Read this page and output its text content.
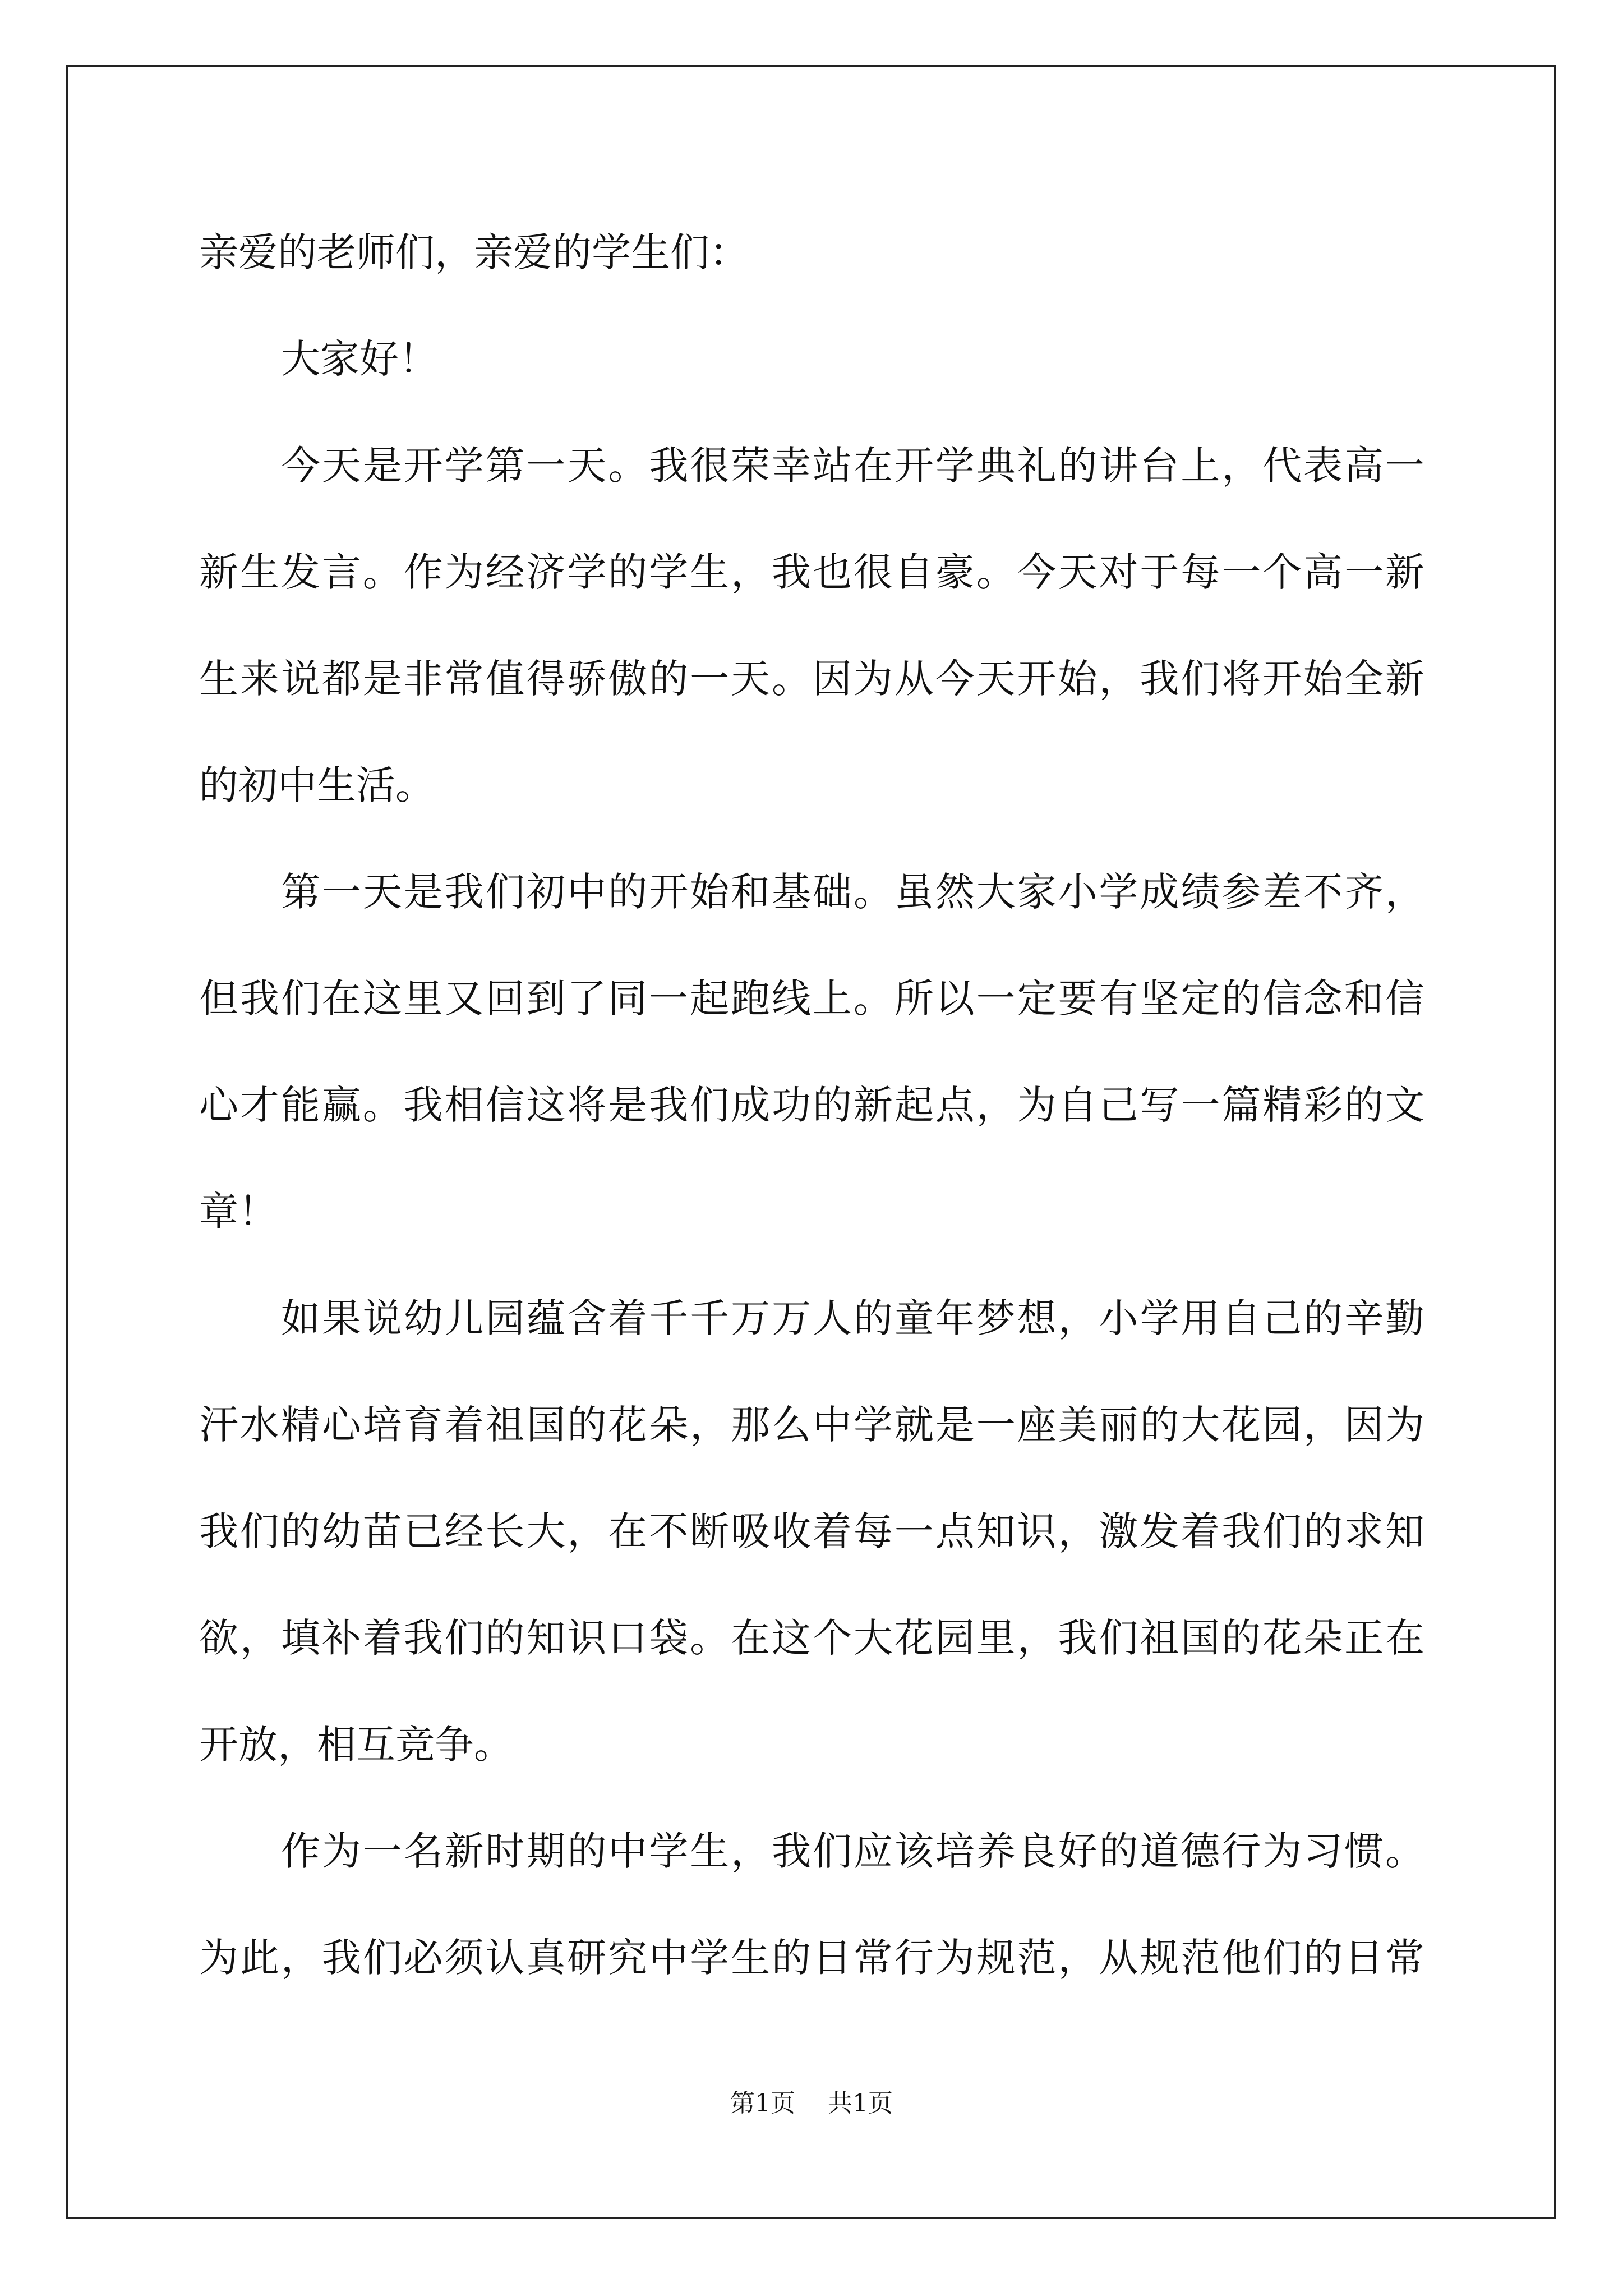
亲爱的老师们，亲爱的学生们：
大家好！
今天是开学第一天。我很荣幸站在开学典礼的讲台上，代表高一
新生发言。作为经济学的学生，我也很自豪。今天对于每一个高一新
生来说都是非常值得骄傲的一天。因为从今天开始，我们将开始全新
的初中生活。
第一天是我们初中的开始和基础。虽然大家小学成绩参差不齐，
但我们在这里又回到了同一起跑线上。所以一定要有坚定的信念和信
心才能赢。我相信这将是我们成功的新起点，为自己写一篇精彩的文
章！
如果说幼儿园蕴含着千千万万人的童年梦想，小学用自己的辛勤
汗水精心培育着祖国的花朵，那么中学就是一座美丽的大花园，因为
我们的幼苗已经长大，在不断吸收着每一点知识，激发着我们的求知
欲，填补着我们的知识口袋。在这个大花园里，我们祖国的花朵正在
开放，相互竞争。
作为一名新时期的中学生，我们应该培养良好的道德行为习惯。
为此，我们必须认真研究中学生的日常行为规范，从规范他们的日常
第1页 共1页
